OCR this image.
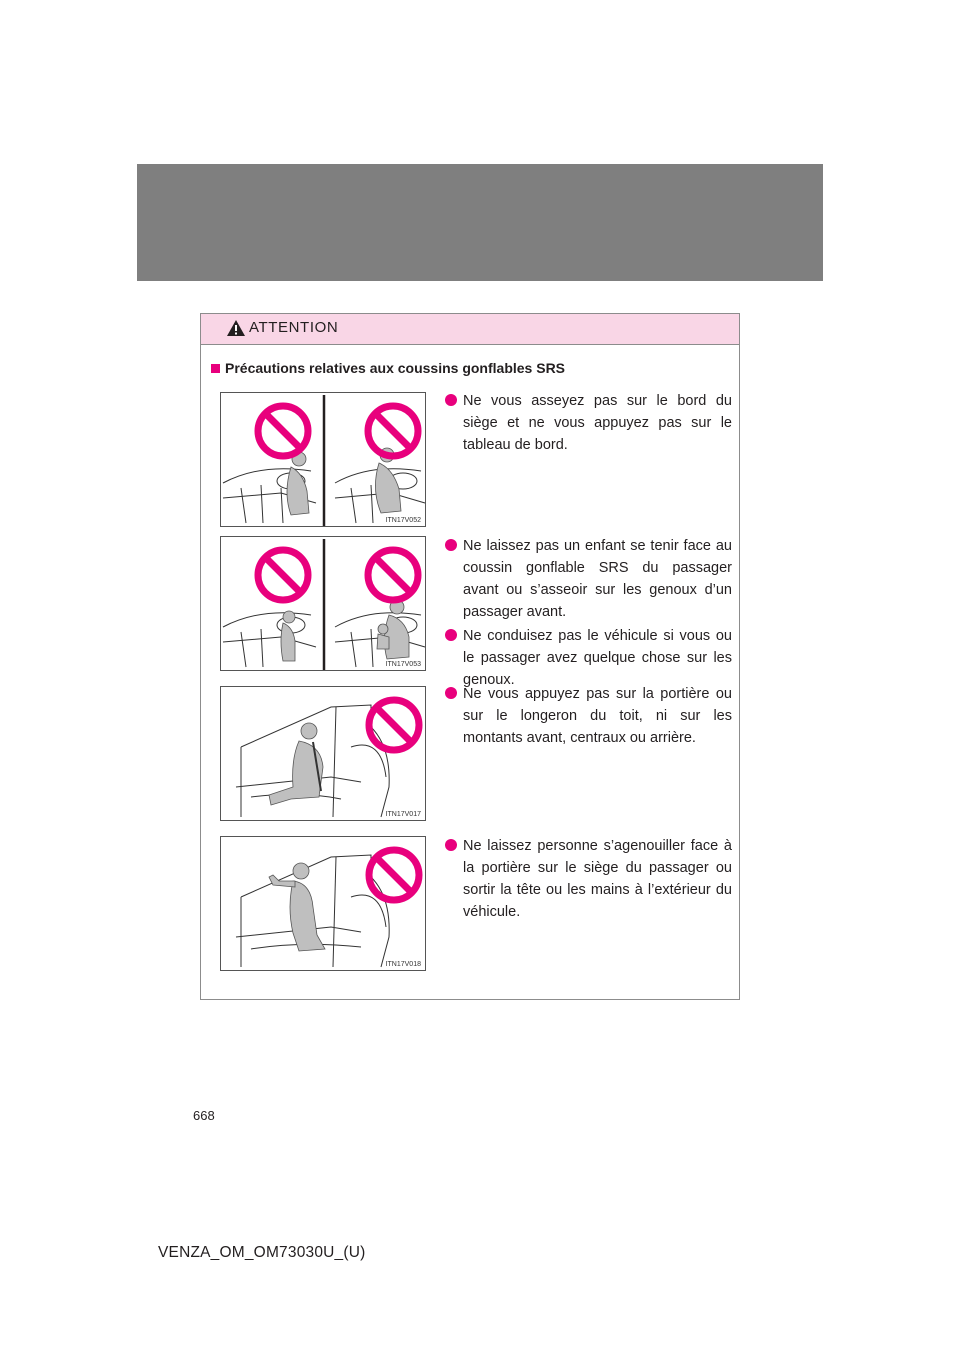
ATTENTION
Précautions relatives aux coussins gonflables SRS
ITN17V052
ITN17V053
ITN17V017
ITN17V018
Ne vous asseyez pas sur le bord du siège et ne vous appuyez pas sur le tableau de bord.
Ne laissez pas un enfant se tenir face au coussin gonflable SRS du passager avant ou s’asseoir sur les genoux d’un passager avant.
Ne conduisez pas le véhicule si vous ou le passager avez quelque chose sur les genoux.
Ne vous appuyez pas sur la portière ou sur le longeron du toit, ni sur les montants avant, centraux ou arrière.
Ne laissez personne s’agenouiller face à la portière sur le siège du passager ou sortir la tête ou les mains à l’extérieur du véhicule.
668
VENZA_OM_OM73030U_(U)
